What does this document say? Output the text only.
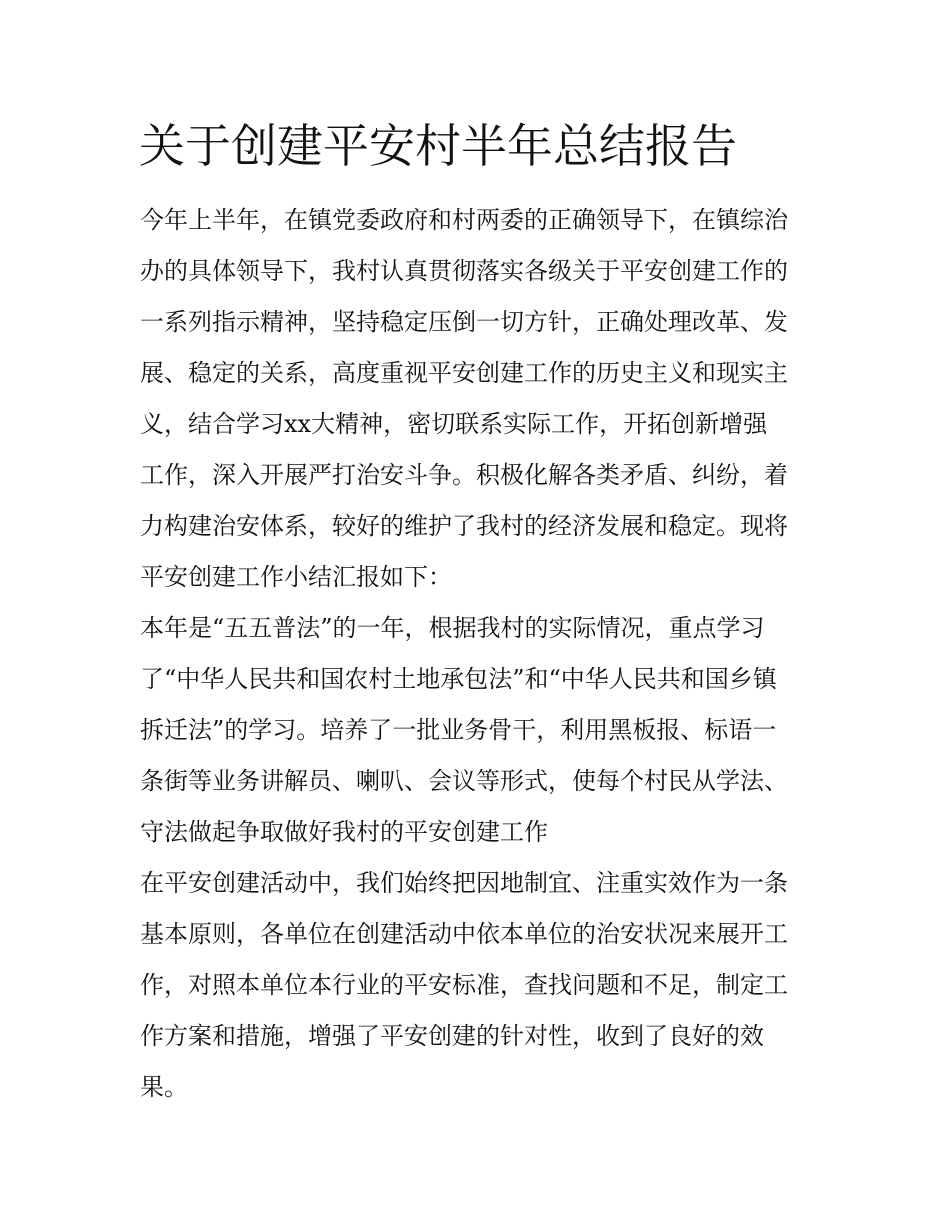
关于创建平安村半年总结报告
今年上半年，在镇党委政府和村两委的正确领导下，在镇综治
办的具体领导下，我村认真贯彻落实各级关于平安创建工作的
一系列指示精神，坚持稳定压倒一切方针，正确处理改革、发
展、稳定的关系，高度重视平安创建工作的历史主义和现实主
义，结合学习xx大精神，密切联系实际工作，开拓创新增强
工作，深入开展严打治安斗争。积极化解各类矛盾、纠纷，着
力构建治安体系，较好的维护了我村的经济发展和稳定。现将
平安创建工作小结汇报如下：
本年是“五五普法”的一年，根据我村的实际情况，重点学习
了“中华人民共和国农村土地承包法”和“中华人民共和国乡镇
拆迁法”的学习。培养了一批业务骨干，利用黑板报、标语一
条街等业务讲解员、喇叭、会议等形式，使每个村民从学法、
守法做起争取做好我村的平安创建工作
在平安创建活动中，我们始终把因地制宜、注重实效作为一条
基本原则，各单位在创建活动中依本单位的治安状况来展开工
作，对照本单位本行业的平安标准，查找问题和不足，制定工
作方案和措施，增强了平安创建的针对性，收到了良好的效
果。
